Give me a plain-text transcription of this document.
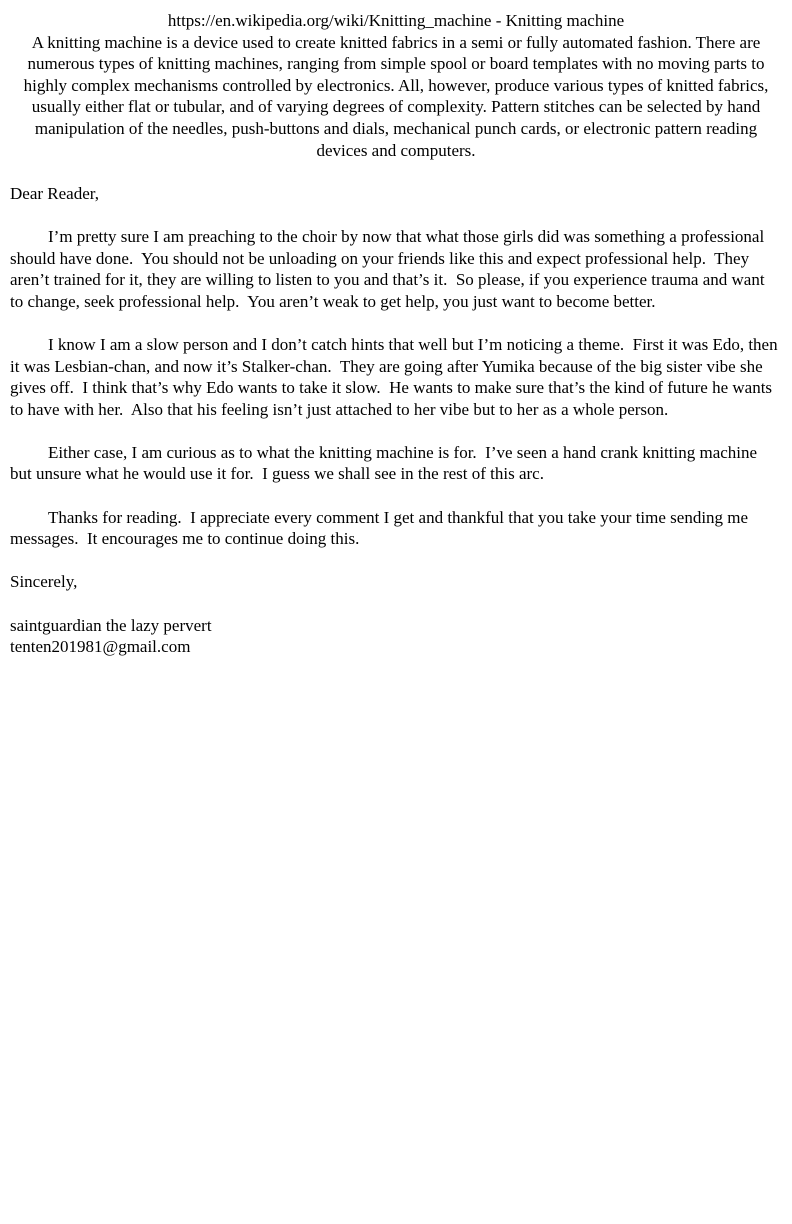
https://en.wikipedia.org/wiki/Knitting_machine - Knitting machine
A knitting machine is a device used to create knitted fabrics in a semi or fully automated fashion. There are numerous types of knitting machines, ranging from simple spool or board templates with no moving parts to highly complex mechanisms controlled by electronics. All, however, produce various types of knitted fabrics, usually either flat or tubular, and of varying degrees of complexity. Pattern stitches can be selected by hand manipulation of the needles, push-buttons and dials, mechanical punch cards, or electronic pattern reading devices and computers.
Dear Reader,
I’m pretty sure I am preaching to the choir by now that what those girls did was something a professional should have done.  You should not be unloading on your friends like this and expect professional help.  They aren’t trained for it, they are willing to listen to you and that’s it.  So please, if you experience trauma and want to change, seek professional help.  You aren’t weak to get help, you just want to become better.
I know I am a slow person and I don’t catch hints that well but I’m noticing a theme.  First it was Edo, then it was Lesbian-chan, and now it’s Stalker-chan.  They are going after Yumika because of the big sister vibe she gives off.  I think that’s why Edo wants to take it slow.  He wants to make sure that’s the kind of future he wants to have with her.  Also that his feeling isn’t just attached to her vibe but to her as a whole person.
Either case, I am curious as to what the knitting machine is for.  I’ve seen a hand crank knitting machine but unsure what he would use it for.  I guess we shall see in the rest of this arc.
Thanks for reading.  I appreciate every comment I get and thankful that you take your time sending me messages.  It encourages me to continue doing this.
Sincerely,
saintguardian the lazy pervert
tenten201981@gmail.com
